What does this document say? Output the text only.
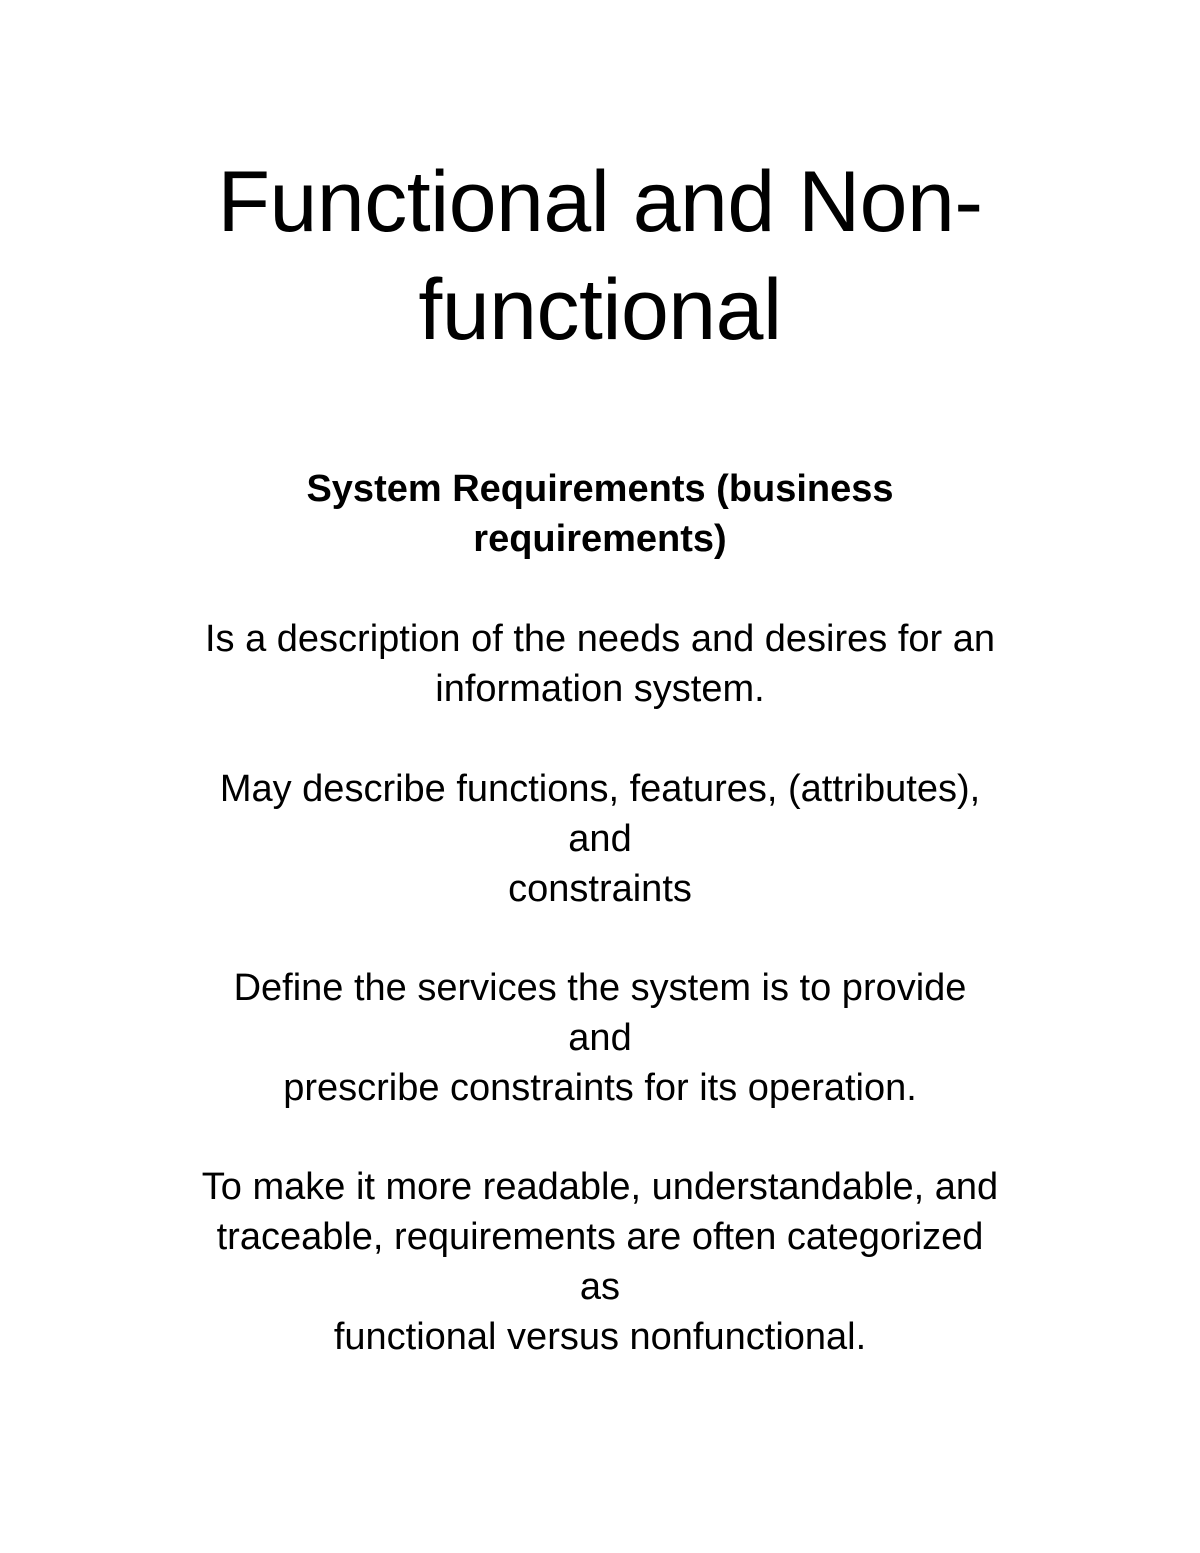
Functional and Non-
functional
System Requirements (business
requirements)
Is a description of the needs and desires for an
information system.
May describe functions, features, (attributes),
and
constraints
Define the services the system is to provide
and
prescribe constraints for its operation.
To make it more readable, understandable, and
traceable, requirements are often categorized
as
functional versus nonfunctional.
